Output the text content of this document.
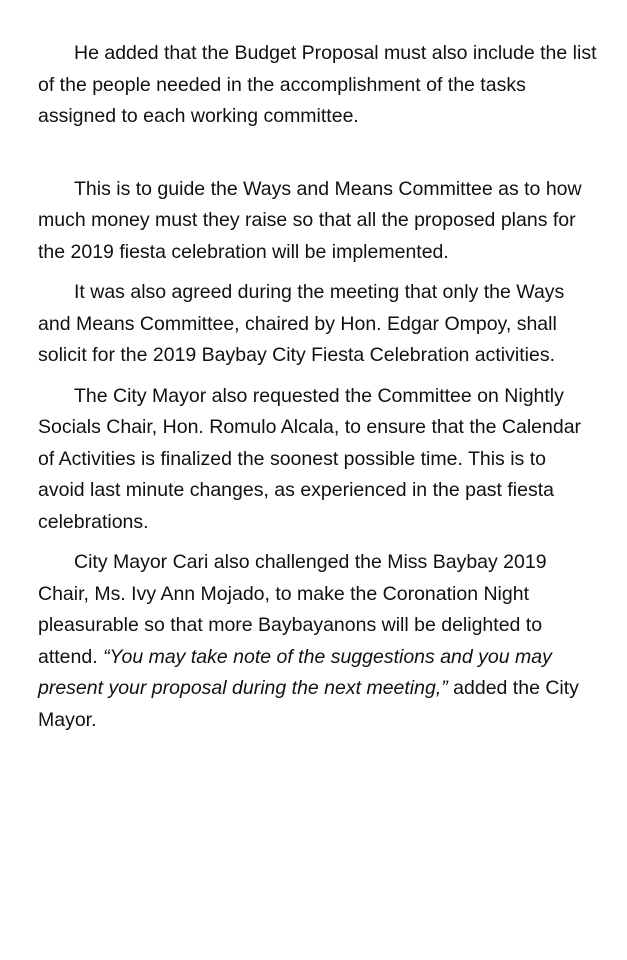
He added that the Budget Proposal must also include the list of the people needed in the accomplishment of the tasks assigned to each working committee.

This is to guide the Ways and Means Committee as to how much money must they raise so that all the proposed plans for the 2019 fiesta celebration will be implemented.

It was also agreed during the meeting that only the Ways and Means Committee, chaired by Hon. Edgar Ompoy, shall solicit for the 2019 Baybay City Fiesta Celebration activities.

The City Mayor also requested the Committee on Nightly Socials Chair, Hon. Romulo Alcala, to ensure that the Calendar of Activities is finalized the soonest possible time. This is to avoid last minute changes, as experienced in the past fiesta celebrations.

City Mayor Cari also challenged the Miss Baybay 2019 Chair, Ms. Ivy Ann Mojado, to make the Coronation Night pleasurable so that more Baybayanons will be delighted to attend. “You may take note of the suggestions and you may present your proposal during the next meeting,” added the City Mayor.
